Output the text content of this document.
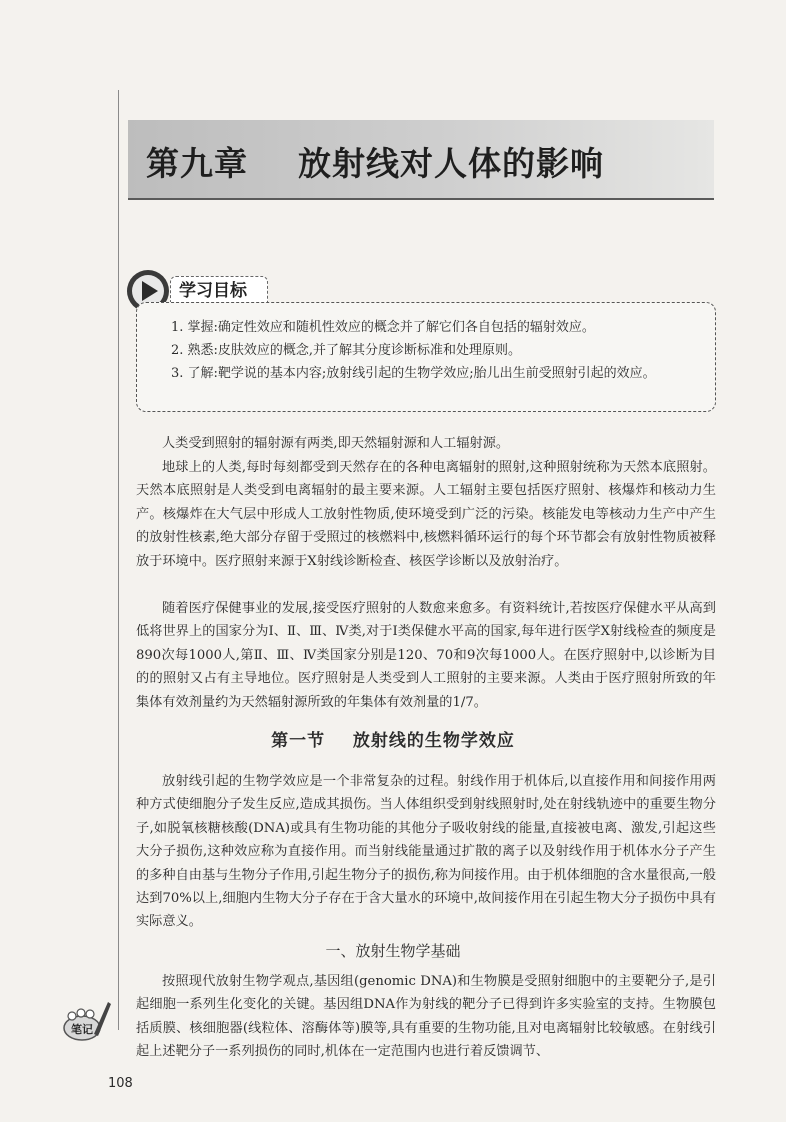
第九章    放射线对人体的影响
学习目标
1. 掌握:确定性效应和随机性效应的概念并了解它们各自包括的辐射效应。
2. 熟悉:皮肤效应的概念,并了解其分度诊断标准和处理原则。
3. 了解:靶学说的基本内容;放射线引起的生物学效应;胎儿出生前受照射引起的效应。
人类受到照射的辐射源有两类,即天然辐射源和人工辐射源。
地球上的人类,每时每刻都受到天然存在的各种电离辐射的照射,这种照射统称为天然本底照射。天然本底照射是人类受到电离辐射的最主要来源。人工辐射主要包括医疗照射、核爆炸和核动力生产。核爆炸在大气层中形成人工放射性物质,使环境受到广泛的污染。核能发电等核动力生产中产生的放射性核素,绝大部分存留于受照过的核燃料中,核燃料循环运行的每个环节都会有放射性物质被释放于环境中。医疗照射来源于X射线诊断检查、核医学诊断以及放射治疗。
随着医疗保健事业的发展,接受医疗照射的人数愈来愈多。有资料统计,若按医疗保健水平从高到低将世界上的国家分为Ⅰ、Ⅱ、Ⅲ、Ⅳ类,对于Ⅰ类保健水平高的国家,每年进行医学X射线检查的频度是890次每1000人,第Ⅱ、Ⅲ、Ⅳ类国家分别是120、70和9次每1000人。在医疗照射中,以诊断为目的的照射又占有主导地位。医疗照射是人类受到人工照射的主要来源。人类由于医疗照射所致的年集体有效剂量约为天然辐射源所致的年集体有效剂量的1/7。
第一节    放射线的生物学效应
放射线引起的生物学效应是一个非常复杂的过程。射线作用于机体后,以直接作用和间接作用两种方式使细胞分子发生反应,造成其损伤。当人体组织受到射线照射时,处在射线轨迹中的重要生物分子,如脱氧核糖核酸(DNA)或具有生物功能的其他分子吸收射线的能量,直接被电离、激发,引起这些大分子损伤,这种效应称为直接作用。而当射线能量通过扩散的离子以及射线作用于机体水分子产生的多种自由基与生物分子作用,引起生物分子的损伤,称为间接作用。由于机体细胞的含水量很高,一般达到70%以上,细胞内生物大分子存在于含大量水的环境中,故间接作用在引起生物大分子损伤中具有实际意义。
一、放射生物学基础
按照现代放射生物学观点,基因组(genomic DNA)和生物膜是受照射细胞中的主要靶分子,是引起细胞一系列生化变化的关键。基因组DNA作为射线的靶分子已得到许多实验室的支持。生物膜包括质膜、核细胞器(线粒体、溶酶体等)膜等,具有重要的生物功能,且对电离辐射比较敏感。在射线引起上述靶分子一系列损伤的同时,机体在一定范围内也进行着反馈调节、
笔记
108
